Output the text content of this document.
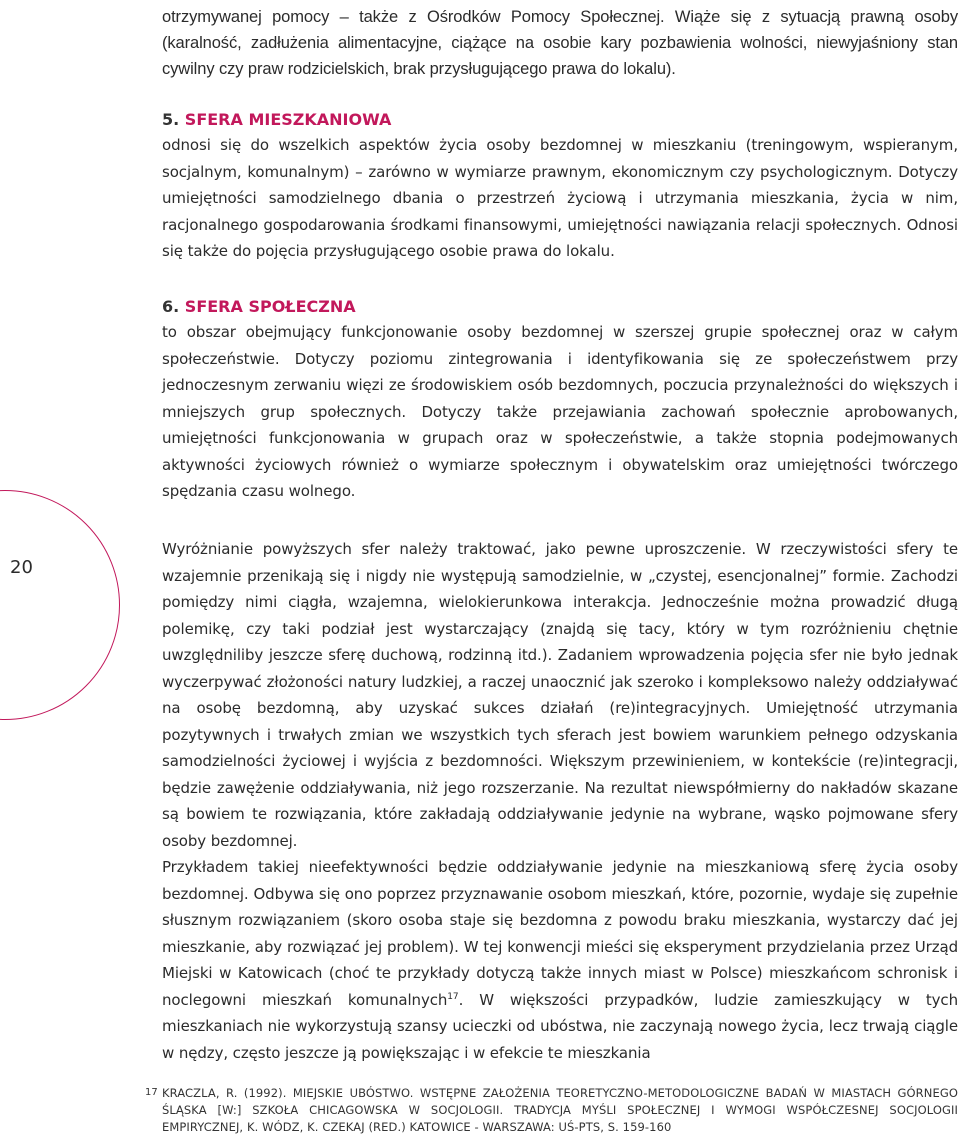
20

otrzymywanej pomocy – także z Ośrodków Pomocy Społecznej. Wiąże się z sytuacją prawną osoby (karalność, zadłużenia alimentacyjne, ciążące na osobie kary pozbawienia wolności, niewyjaśniony stan cywilny czy praw rodzicielskich, brak przysługującego prawa do lokalu).

5. SFERA MIESZKANIOWA

odnosi się do wszelkich aspektów życia osoby bezdomnej w mieszkaniu (treningowym, wspieranym, socjalnym, komunalnym) – zarówno w wymiarze prawnym, ekonomicznym czy psychologicznym. Dotyczy umiejętności samodzielnego dbania o przestrzeń życiową i utrzymania mieszkania, życia w nim, racjonalnego gospodarowania środkami finansowymi, umiejętności nawiązania relacji społecznych. Odnosi się także do pojęcia przysługującego osobie prawa do lokalu.

6. SFERA SPOŁECZNA

to obszar obejmujący funkcjonowanie osoby bezdomnej w szerszej grupie społecznej oraz w całym społeczeństwie. Dotyczy poziomu zintegrowania i identyfikowania się ze społeczeństwem przy jednoczesnym zerwaniu więzi ze środowiskiem osób bezdomnych, poczucia przynależności do większych i mniejszych grup społecznych. Dotyczy także przejawiania zachowań społecznie aprobowanych, umiejętności funkcjonowania w grupach oraz w społeczeństwie, a także stopnia podejmowanych aktywności życiowych również o wymiarze społecznym i obywatelskim oraz umiejętności twórczego spędzania czasu wolnego.

Wyróżnianie powyższych sfer należy traktować, jako pewne uproszczenie. W rzeczywistości sfery te wzajemnie przenikają się i nigdy nie występują samodzielnie, w „czystej, esencjonalnej” formie. Zachodzi pomiędzy nimi ciągła, wzajemna, wielokierunkowa interakcja. Jednocześnie można prowadzić długą polemikę, czy taki podział jest wystarczający (znajdą się tacy, który w tym rozróżnieniu chętnie uwzględniliby jeszcze sferę duchową, rodzinną itd.). Zadaniem wprowadzenia pojęcia sfer nie było jednak wyczerpywać złożoności natury ludzkiej, a raczej unaocznić jak szeroko i kompleksowo należy oddziaływać na osobę bezdomną, aby uzyskać sukces działań (re)integracyjnych. Umiejętność utrzymania pozytywnych i trwałych zmian we wszystkich tych sferach jest bowiem warunkiem pełnego odzyskania samodzielności życiowej i wyjścia z bezdomności. Większym przewinieniem, w kontekście (re)integracji, będzie zawężenie oddziaływania, niż jego rozszerzanie. Na rezultat niewspółmierny do nakładów skazane są bowiem te rozwiązania, które zakładają oddziaływanie jedynie na wybrane, wąsko pojmowane sfery osoby bezdomnej.

Przykładem takiej nieefektywności będzie oddziaływanie jedynie na mieszkaniową sferę życia osoby bezdomnej. Odbywa się ono poprzez przyznawanie osobom mieszkań, które, pozornie, wydaje się zupełnie słusznym rozwiązaniem (skoro osoba staje się bezdomna z powodu braku mieszkania, wystarczy dać jej mieszkanie, aby rozwiązać jej problem). W tej konwencji mieści się eksperyment przydzielania przez Urząd Miejski w Katowicach (choć te przykłady dotyczą także innych miast w Polsce) mieszkańcom schronisk i noclegowni mieszkań komunalnych$^{17}$. W większości przypadków, ludzie zamieszkujący w tych mieszkaniach nie wykorzystują szansy ucieczki od ubóstwa, nie zaczynają nowego życia, lecz trwają ciągle w nędzy, często jeszcze ją powiększając i w efekcie te mieszkania

17 KRACZLA, R. (1992). MIEJSKIE UBÓSTWO. WSTĘPNE ZAŁOŻENIA TEORETYCZNO-METODOLOGICZNE BADAŃ W MIASTACH GÓRNEGO ŚLĄSKA [W:] SZKOŁA CHICAGOWSKA W SOCJOLOGII. TRADYCJA MYŚLI SPOŁECZNEJ I WYMOGI WSPÓŁCZESNEJ SOCJOLOGII EMPIRYCZNEJ, K. WÓDZ, K. CZEKAJ (RED.) KATOWICE - WARSZAWA: UŚ-PTS, S. 159-160
